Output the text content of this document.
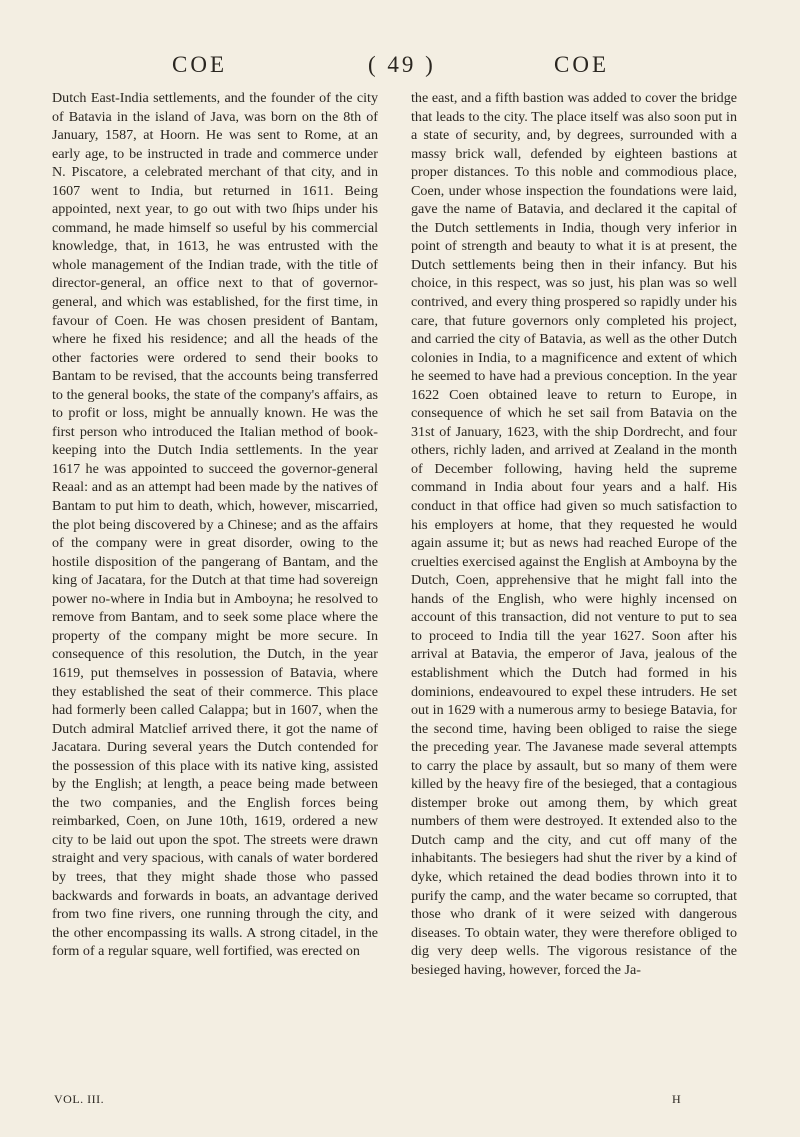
COE	( 49 )	COE

Dutch East-India settlements, and the founder of the city of Batavia in the island of Java, was born on the 8th of January, 1587, at Hoorn. He was sent to Rome, at an early age, to be instructed in trade and commerce under N. Piscatore, a celebrated merchant of that city, and in 1607 went to India, but returned in 1611. Being appointed, next year, to go out with two ſhips under his command, he made himself so useful by his commercial knowledge, that, in 1613, he was entrusted with the whole management of the Indian trade, with the title of director-general, an office next to that of governor-general, and which was established, for the first time, in favour of Coen. He was chosen president of Bantam, where he fixed his residence; and all the heads of the other factories were ordered to send their books to Bantam to be revised, that the accounts being transferred to the general books, the state of the company's affairs, as to profit or loss, might be annually known. He was the first person who introduced the Italian method of book-keeping into the Dutch India settlements. In the year 1617 he was appointed to succeed the governor-general Reaal: and as an attempt had been made by the natives of Bantam to put him to death, which, however, miscarried, the plot being discovered by a Chinese; and as the affairs of the company were in great disorder, owing to the hostile disposition of the pangerang of Bantam, and the king of Jacatara, for the Dutch at that time had sovereign power no-where in India but in Amboyna; he resolved to remove from Bantam, and to seek some place where the property of the company might be more secure. In consequence of this resolution, the Dutch, in the year 1619, put themselves in possession of Batavia, where they established the seat of their commerce. This place had formerly been called Calappa; but in 1607, when the Dutch admiral Matclief arrived there, it got the name of Jacatara. During several years the Dutch contended for the possession of this place with its native king, assisted by the English; at length, a peace being made between the two companies, and the English forces being reimbarked, Coen, on June 10th, 1619, ordered a new city to be laid out upon the spot. The streets were drawn straight and very spacious, with canals of water bordered by trees, that they might shade those who passed backwards and forwards in boats, an advantage derived from two fine rivers, one running through the city, and the other encompassing its walls. A strong citadel, in the form of a regular square, well fortified, was erected on

the east, and a fifth bastion was added to cover the bridge that leads to the city. The place itself was also soon put in a state of security, and, by degrees, surrounded with a massy brick wall, defended by eighteen bastions at proper distances. To this noble and commodious place, Coen, under whose inspection the foundations were laid, gave the name of Batavia, and declared it the capital of the Dutch settlements in India, though very inferior in point of strength and beauty to what it is at present, the Dutch settlements being then in their infancy. But his choice, in this respect, was so just, his plan was so well contrived, and every thing prospered so rapidly under his care, that future governors only completed his project, and carried the city of Batavia, as well as the other Dutch colonies in India, to a magnificence and extent of which he seemed to have had a previous conception. In the year 1622 Coen obtained leave to return to Europe, in consequence of which he set sail from Batavia on the 31st of January, 1623, with the ship Dordrecht, and four others, richly laden, and arrived at Zealand in the month of December following, having held the supreme command in India about four years and a half. His conduct in that office had given so much satisfaction to his employers at home, that they requested he would again assume it; but as news had reached Europe of the cruelties exercised against the English at Amboyna by the Dutch, Coen, apprehensive that he might fall into the hands of the English, who were highly incensed on account of this transaction, did not venture to put to sea to proceed to India till the year 1627. Soon after his arrival at Batavia, the emperor of Java, jealous of the establishment which the Dutch had formed in his dominions, endeavoured to expel these intruders. He set out in 1629 with a numerous army to besiege Batavia, for the second time, having been obliged to raise the siege the preceding year. The Javanese made several attempts to carry the place by assault, but so many of them were killed by the heavy fire of the besieged, that a contagious distemper broke out among them, by which great numbers of them were destroyed. It extended also to the Dutch camp and the city, and cut off many of the inhabitants. The besiegers had shut the river by a kind of dyke, which retained the dead bodies thrown into it to purify the camp, and the water became so corrupted, that those who drank of it were seized with dangerous diseases. To obtain water, they were therefore obliged to dig very deep wells. The vigorous resistance of the besieged having, however, forced the Ja-

VOL. III.	H
